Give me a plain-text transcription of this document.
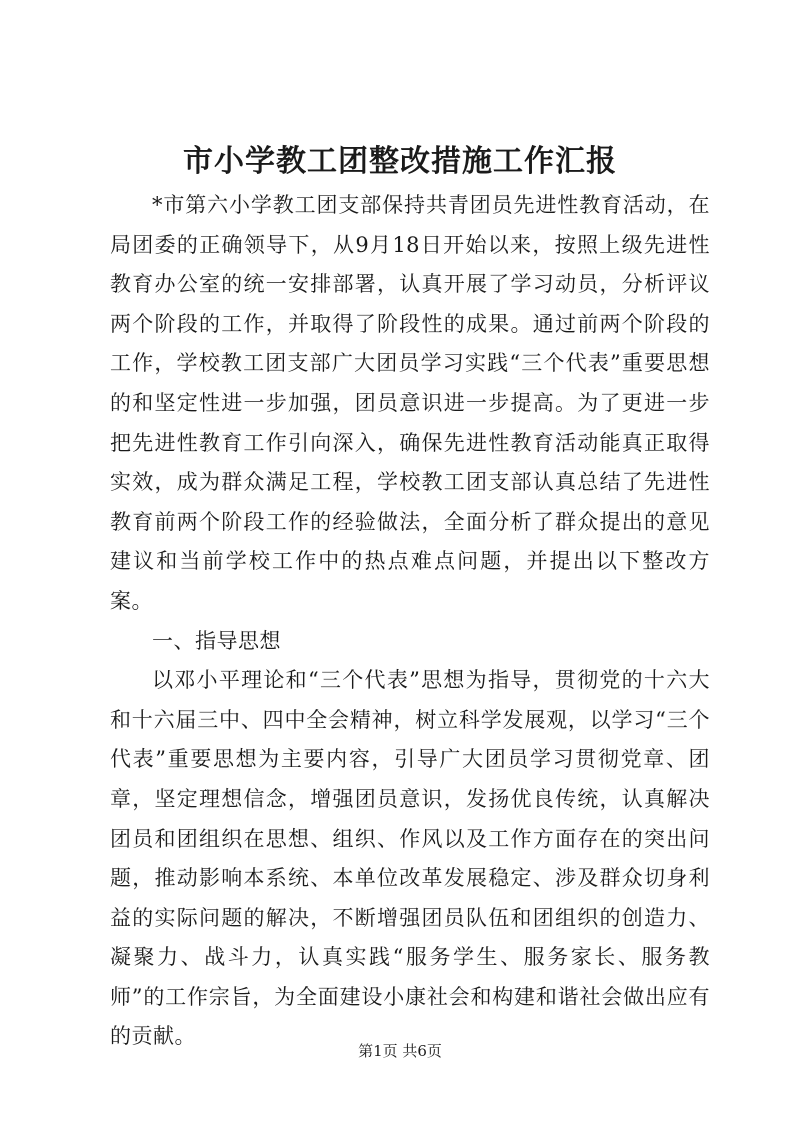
市小学教工团整改措施工作汇报

*市第六小学教工团支部保持共青团员先进性教育活动，在局团委的正确领导下，从9月18日开始以来，按照上级先进性教育办公室的统一安排部署，认真开展了学习动员，分析评议两个阶段的工作，并取得了阶段性的成果。通过前两个阶段的工作，学校教工团支部广大团员学习实践“三个代表”重要思想的和坚定性进一步加强，团员意识进一步提高。为了更进一步把先进性教育工作引向深入，确保先进性教育活动能真正取得实效，成为群众满足工程，学校教工团支部认真总结了先进性教育前两个阶段工作的经验做法，全面分析了群众提出的意见建议和当前学校工作中的热点难点问题，并提出以下整改方案。

一、指导思想

以邓小平理论和“三个代表”思想为指导，贯彻党的十六大和十六届三中、四中全会精神，树立科学发展观，以学习“三个代表”重要思想为主要内容，引导广大团员学习贯彻党章、团章，坚定理想信念，增强团员意识，发扬优良传统，认真解决团员和团组织在思想、组织、作风以及工作方面存在的突出问题，推动影响本系统、本单位改革发展稳定、涉及群众切身利益的实际问题的解决，不断增强团员队伍和团组织的创造力、凝聚力、战斗力，认真实践“服务学生、服务家长、服务教师”的工作宗旨，为全面建设小康社会和构建和谐社会做出应有的贡献。

第1页 共6页
